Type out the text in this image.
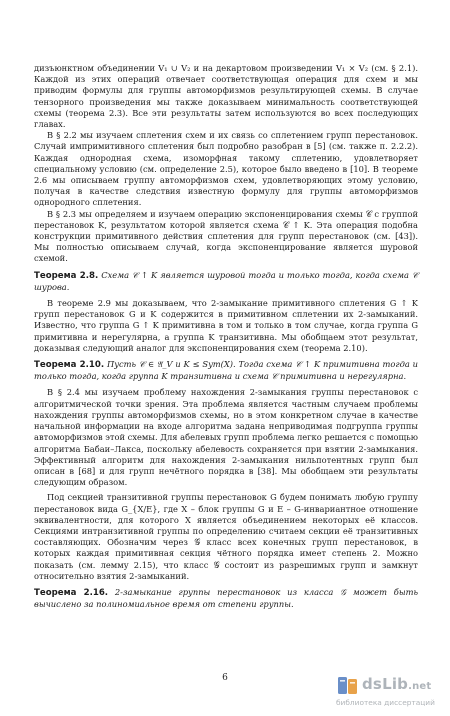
дизъюнктном объединении V₁ ∪ V₂ и на декартовом произведении V₁ × V₂ (см. § 2.1). Каждой из этих операций отвечает соответствующая операция для схем и мы приводим формулы для группы автоморфизмов результирующей схемы. В случае тензорного произведения мы также доказываем минимальность соответствующей схемы (теорема 2.3). Все эти результаты затем используются во всех последующих главах.

В § 2.2 мы изучаем сплетения схем и их связь со сплетением групп перестановок. Случай импримитивного сплетения был подробно разобран в [5] (см. также п. 2.2.2). Каждая однородная схема, изоморфная такому сплетению, удовлетворяет специальному условию (см. определение 2.5), которое было введено в [10]. В теореме 2.6 мы описываем группу автоморфизмов схем, удовлетворяющих этому условию, получая в качестве следствия известную формулу для группы автоморфизмов однородного сплетения.

В § 2.3 мы определяем и изучаем операцию экспоненцирования схемы 𝒞 с группой перестановок K, результатом которой является схема 𝒞 ↑ K. Эта операция подобна конструкции примитивного действия сплетения для групп перестановок (см. [43]). Мы полностью описываем случай, когда экспоненцирование является шуровой схемой.

Теорема 2.8. Схема 𝒞 ↑ K является шуровой тогда и только тогда, когда схема 𝒞 шурова.

В теореме 2.9 мы доказываем, что 2-замыкание примитивного сплетения G ↑ K групп перестановок G и K содержится в примитивном сплетении их 2-замыканий. Известно, что группа G ↑ K примитивна в том и только в том случае, когда группа G примитивна и нерегулярна, а группа K транзитивна. Мы обобщаем этот результат, доказывая следующий аналог для экспоненцирования схем (теорема 2.10).

Теорема 2.10. Пусть 𝒞 ∈ 𝔄_V и K ≤ Sym(X). Тогда схема 𝒞 ↑ K примитивна тогда и только тогда, когда группа K транзитивна и схема 𝒞 примитивна и нерегулярна.

В § 2.4 мы изучаем проблему нахождения 2-замыкания группы перестановок с алгоритмической точки зрения. Эта проблема является частным случаем проблемы нахождения группы автоморфизмов схемы, но в этом конкретном случае в качестве начальной информации на входе алгоритма задана неприводимая подгруппа группы автоморфизмов этой схемы. Для абелевых групп проблема легко решается с помощью алгоритма Бабаи–Лакса, поскольку абелевость сохраняется при взятии 2-замыкания. Эффективный алгоритм для нахождения 2-замыкания нильпотентных групп был описан в [68] и для групп нечётного порядка в [38]. Мы обобщаем эти результаты следующим образом.

Под секцией транзитивной группы перестановок G будем понимать любую группу перестановок вида G_{X/E}, где X – блок группы G и E – G-инвариантное отношение эквивалентности, для которого X является объединением некоторых её классов. Секциями интранзитивной группы по определению считаем секции её транзитивных составляющих. Обозначим через 𝒢 класс всех конечных групп перестановок, в которых каждая примитивная секция чётного порядка имеет степень 2. Можно показать (см. лемму 2.15), что класс 𝒢 состоит из разрешимых групп и замкнут относительно взятия 2-замыканий.

Теорема 2.16. 2-замыкание группы перестановок из класса 𝒢 может быть вычислено за полиномиальное время от степени группы.
6	dsLib.net
библиотека диссертаций
